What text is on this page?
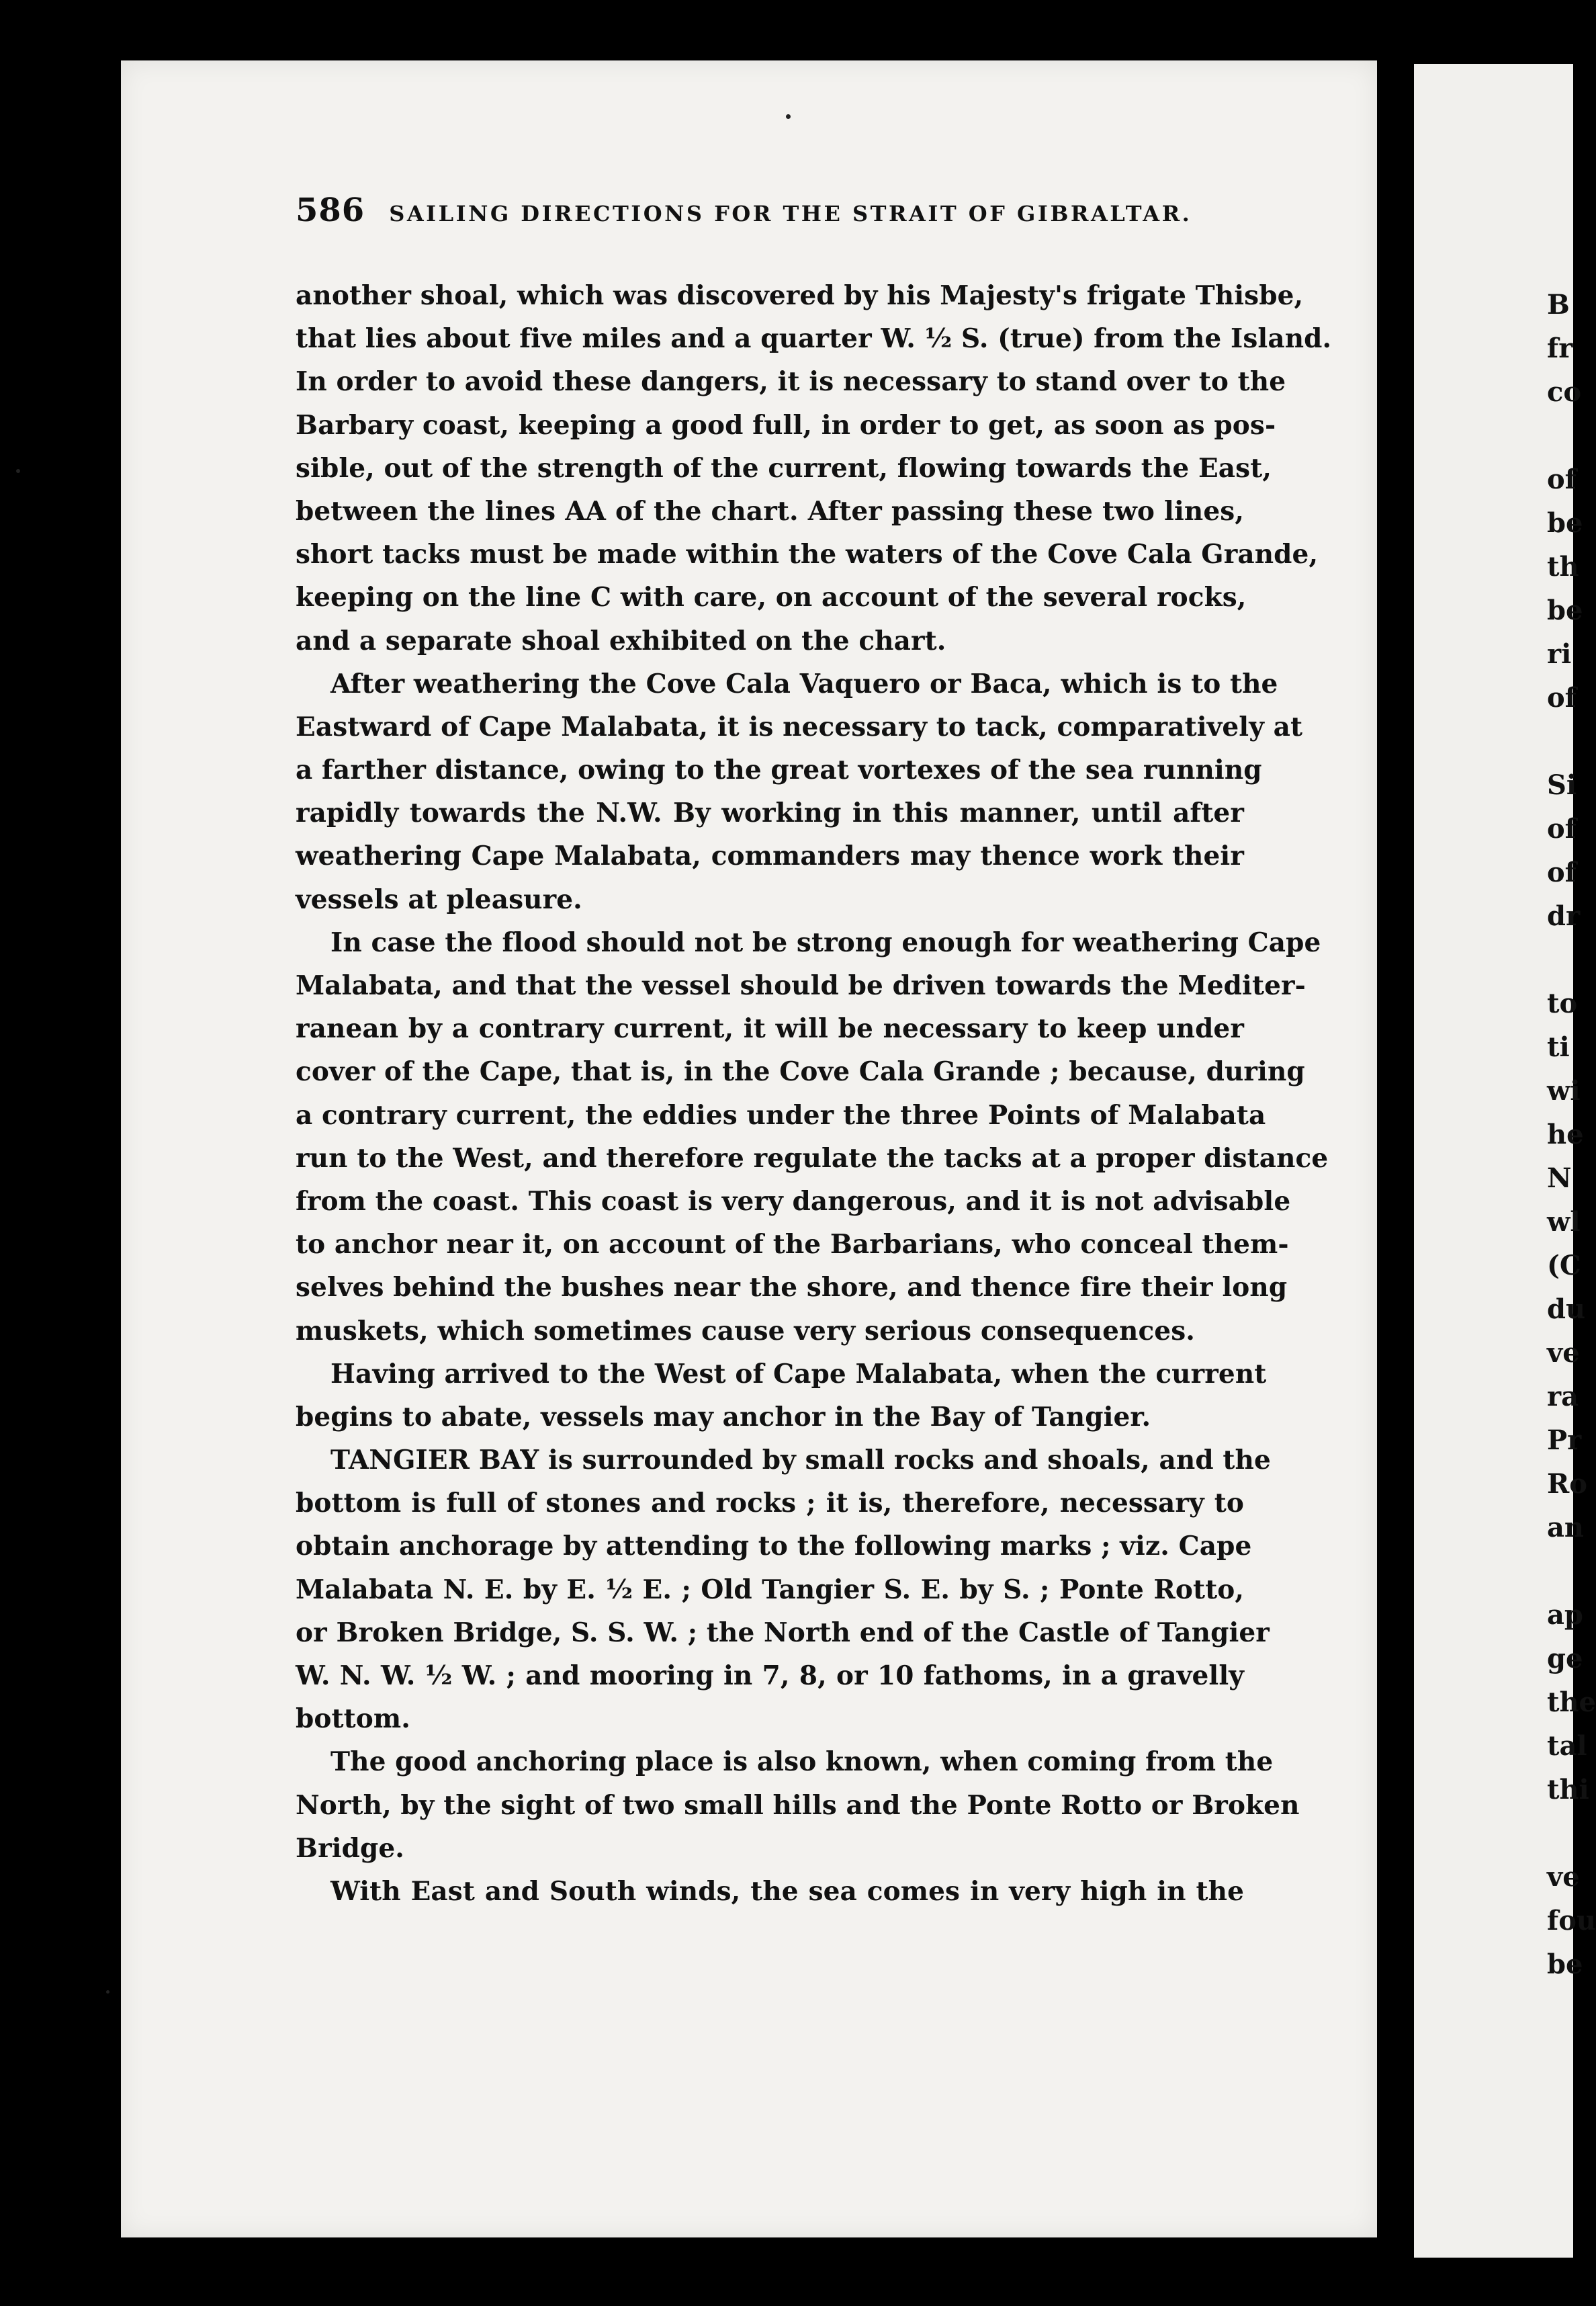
586 SAILING DIRECTIONS FOR THE STRAIT OF GIBRALTAR.
another shoal, which was discovered by his Majesty's frigate Thisbe,
that lies about five miles and a quarter W. ½ S. (true) from the Island.
In order to avoid these dangers, it is necessary to stand over to the
Barbary coast, keeping a good full, in order to get, as soon as pos-
sible, out of the strength of the current, flowing towards the East,
between the lines AA of the chart. After passing these two lines,
short tacks must be made within the waters of the Cove Cala Grande,
keeping on the line C with care, on account of the several rocks,
and a separate shoal exhibited on the chart.
After weathering the Cove Cala Vaquero or Baca, which is to the
Eastward of Cape Malabata, it is necessary to tack, comparatively at
a farther distance, owing to the great vortexes of the sea running
rapidly towards the N.W. By working in this manner, until after
weathering Cape Malabata, commanders may thence work their
vessels at pleasure.
In case the flood should not be strong enough for weathering Cape
Malabata, and that the vessel should be driven towards the Mediter-
ranean by a contrary current, it will be necessary to keep under
cover of the Cape, that is, in the Cove Cala Grande ; because, during
a contrary current, the eddies under the three Points of Malabata
run to the West, and therefore regulate the tacks at a proper distance
from the coast. This coast is very dangerous, and it is not advisable
to anchor near it, on account of the Barbarians, who conceal them-
selves behind the bushes near the shore, and thence fire their long
muskets, which sometimes cause very serious consequences.
Having arrived to the West of Cape Malabata, when the current
begins to abate, vessels may anchor in the Bay of Tangier.
TANGIER BAY is surrounded by small rocks and shoals, and the
bottom is full of stones and rocks ; it is, therefore, necessary to
obtain anchorage by attending to the following marks ; viz. Cape
Malabata N. E. by E. ½ E. ; Old Tangier S. E. by S. ; Ponte Rotto,
or Broken Bridge, S. S. W. ; the North end of the Castle of Tangier
W. N. W. ½ W. ; and mooring in 7, 8, or 10 fathoms, in a gravelly
bottom.
The good anchoring place is also known, when coming from the
North, by the sight of two small hills and the Ponte Rotto or Broken
Bridge.
With East and South winds, the sea comes in very high in the
B
fr
co
of
be
th
be
ri
of
Si
of
of
dr
to
ti
wi
he
N
wl
(C
du
ve
ra
Pr
Ro
an
ap
ge
the
tal
thi
ve
fou
be
